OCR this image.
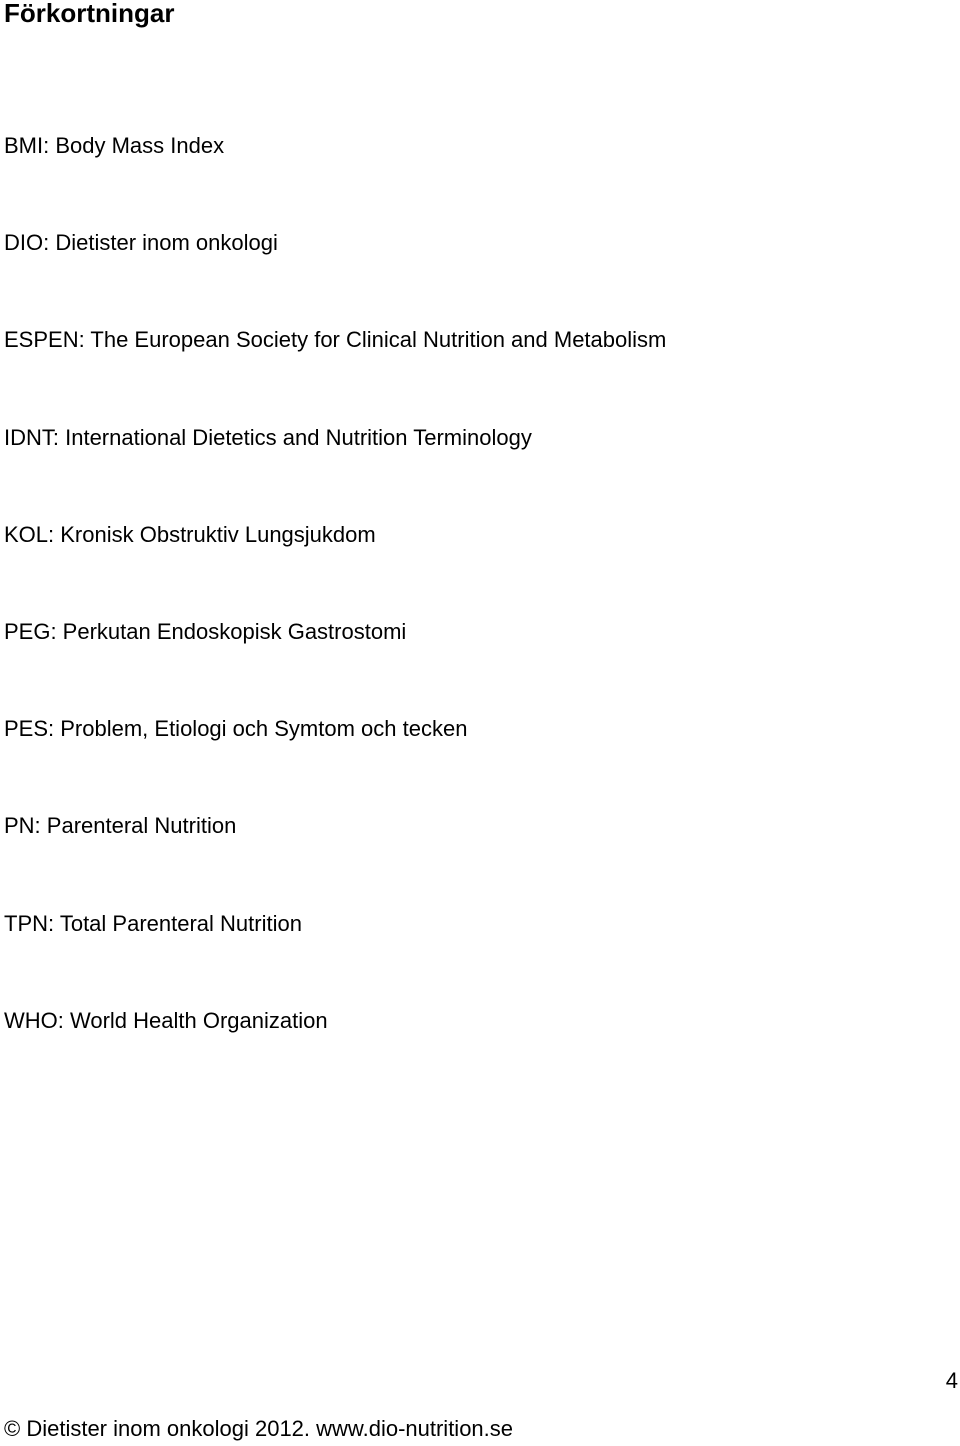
Förkortningar
BMI: Body Mass Index
DIO: Dietister inom onkologi
ESPEN: The European Society for Clinical Nutrition and Metabolism
IDNT: International Dietetics and Nutrition Terminology
KOL: Kronisk Obstruktiv Lungsjukdom
PEG: Perkutan Endoskopisk Gastrostomi
PES: Problem, Etiologi och Symtom och tecken
PN: Parenteral Nutrition
TPN: Total Parenteral Nutrition
WHO: World Health Organization
4
© Dietister inom onkologi 2012. www.dio-nutrition.se
